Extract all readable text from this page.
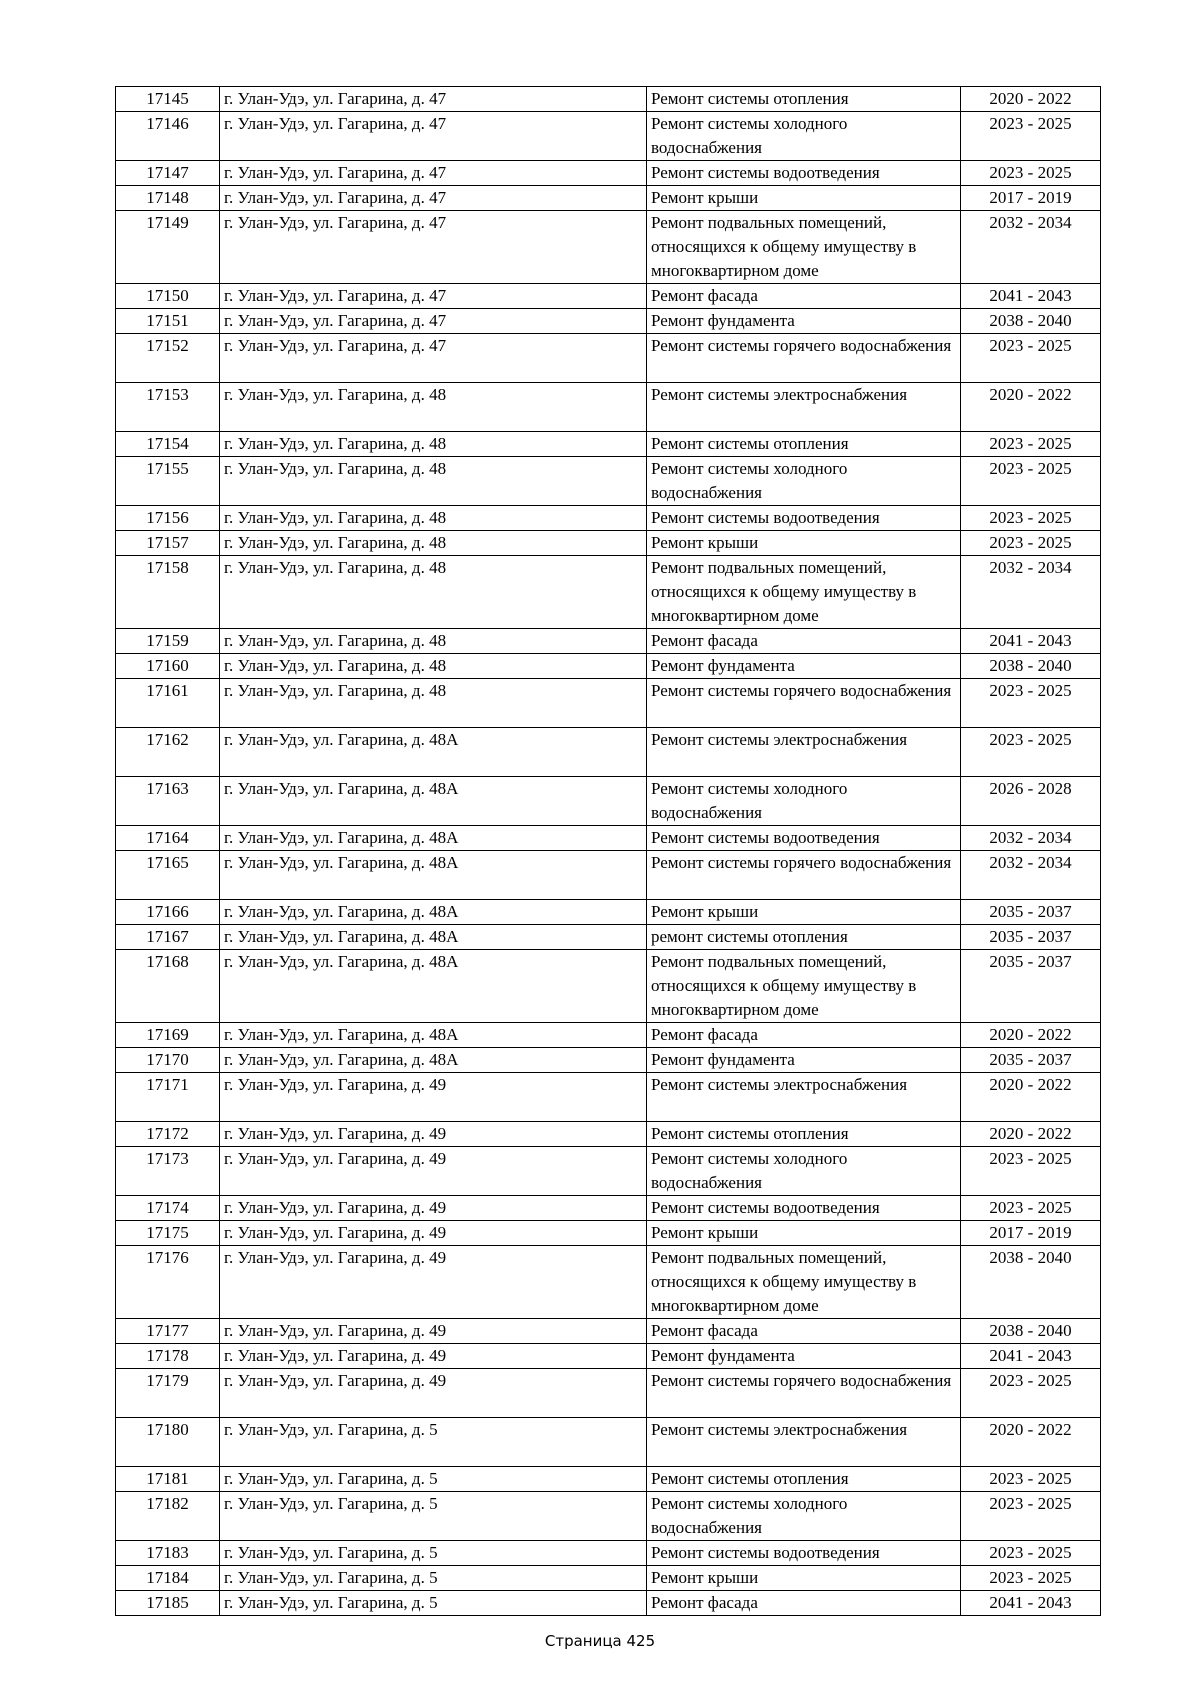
17145	г. Улан-Удэ, ул. Гагарина, д. 47	Ремонт системы отопления	2020 - 2022
17146	г. Улан-Удэ, ул. Гагарина, д. 47	Ремонт системы холодного водоснабжения	2023 - 2025
17147	г. Улан-Удэ, ул. Гагарина, д. 47	Ремонт системы водоотведения	2023 - 2025
17148	г. Улан-Удэ, ул. Гагарина, д. 47	Ремонт крыши	2017 - 2019
17149	г. Улан-Удэ, ул. Гагарина, д. 47	Ремонт подвальных помещений, относящихся к общему имуществу в многоквартирном доме	2032 - 2034
17150	г. Улан-Удэ, ул. Гагарина, д. 47	Ремонт фасада	2041 - 2043
17151	г. Улан-Удэ, ул. Гагарина, д. 47	Ремонт фундамента	2038 - 2040
17152	г. Улан-Удэ, ул. Гагарина, д. 47	Ремонт системы горячего водоснабжения	2023 - 2025
17153	г. Улан-Удэ, ул. Гагарина, д. 48	Ремонт системы электроснабжения	2020 - 2022
17154	г. Улан-Удэ, ул. Гагарина, д. 48	Ремонт системы отопления	2023 - 2025
17155	г. Улан-Удэ, ул. Гагарина, д. 48	Ремонт системы холодного водоснабжения	2023 - 2025
17156	г. Улан-Удэ, ул. Гагарина, д. 48	Ремонт системы водоотведения	2023 - 2025
17157	г. Улан-Удэ, ул. Гагарина, д. 48	Ремонт крыши	2023 - 2025
17158	г. Улан-Удэ, ул. Гагарина, д. 48	Ремонт подвальных помещений, относящихся к общему имуществу в многоквартирном доме	2032 - 2034
17159	г. Улан-Удэ, ул. Гагарина, д. 48	Ремонт фасада	2041 - 2043
17160	г. Улан-Удэ, ул. Гагарина, д. 48	Ремонт фундамента	2038 - 2040
17161	г. Улан-Удэ, ул. Гагарина, д. 48	Ремонт системы горячего водоснабжения	2023 - 2025
17162	г. Улан-Удэ, ул. Гагарина, д. 48А	Ремонт системы электроснабжения	2023 - 2025
17163	г. Улан-Удэ, ул. Гагарина, д. 48А	Ремонт системы холодного водоснабжения	2026 - 2028
17164	г. Улан-Удэ, ул. Гагарина, д. 48А	Ремонт системы водоотведения	2032 - 2034
17165	г. Улан-Удэ, ул. Гагарина, д. 48А	Ремонт системы горячего водоснабжения	2032 - 2034
17166	г. Улан-Удэ, ул. Гагарина, д. 48А	Ремонт крыши	2035 - 2037
17167	г. Улан-Удэ, ул. Гагарина, д. 48А	ремонт системы отопления	2035 - 2037
17168	г. Улан-Удэ, ул. Гагарина, д. 48А	Ремонт подвальных помещений, относящихся к общему имуществу в многоквартирном доме	2035 - 2037
17169	г. Улан-Удэ, ул. Гагарина, д. 48А	Ремонт фасада	2020 - 2022
17170	г. Улан-Удэ, ул. Гагарина, д. 48А	Ремонт фундамента	2035 - 2037
17171	г. Улан-Удэ, ул. Гагарина, д. 49	Ремонт системы электроснабжения	2020 - 2022
17172	г. Улан-Удэ, ул. Гагарина, д. 49	Ремонт системы отопления	2020 - 2022
17173	г. Улан-Удэ, ул. Гагарина, д. 49	Ремонт системы холодного водоснабжения	2023 - 2025
17174	г. Улан-Удэ, ул. Гагарина, д. 49	Ремонт системы водоотведения	2023 - 2025
17175	г. Улан-Удэ, ул. Гагарина, д. 49	Ремонт крыши	2017 - 2019
17176	г. Улан-Удэ, ул. Гагарина, д. 49	Ремонт подвальных помещений, относящихся к общему имуществу в многоквартирном доме	2038 - 2040
17177	г. Улан-Удэ, ул. Гагарина, д. 49	Ремонт фасада	2038 - 2040
17178	г. Улан-Удэ, ул. Гагарина, д. 49	Ремонт фундамента	2041 - 2043
17179	г. Улан-Удэ, ул. Гагарина, д. 49	Ремонт системы горячего водоснабжения	2023 - 2025
17180	г. Улан-Удэ, ул. Гагарина, д. 5	Ремонт системы электроснабжения	2020 - 2022
17181	г. Улан-Удэ, ул. Гагарина, д. 5	Ремонт системы отопления	2023 - 2025
17182	г. Улан-Удэ, ул. Гагарина, д. 5	Ремонт системы холодного водоснабжения	2023 - 2025
17183	г. Улан-Удэ, ул. Гагарина, д. 5	Ремонт системы водоотведения	2023 - 2025
17184	г. Улан-Удэ, ул. Гагарина, д. 5	Ремонт крыши	2023 - 2025
17185	г. Улан-Удэ, ул. Гагарина, д. 5	Ремонт фасада	2041 - 2043
Страница 425
